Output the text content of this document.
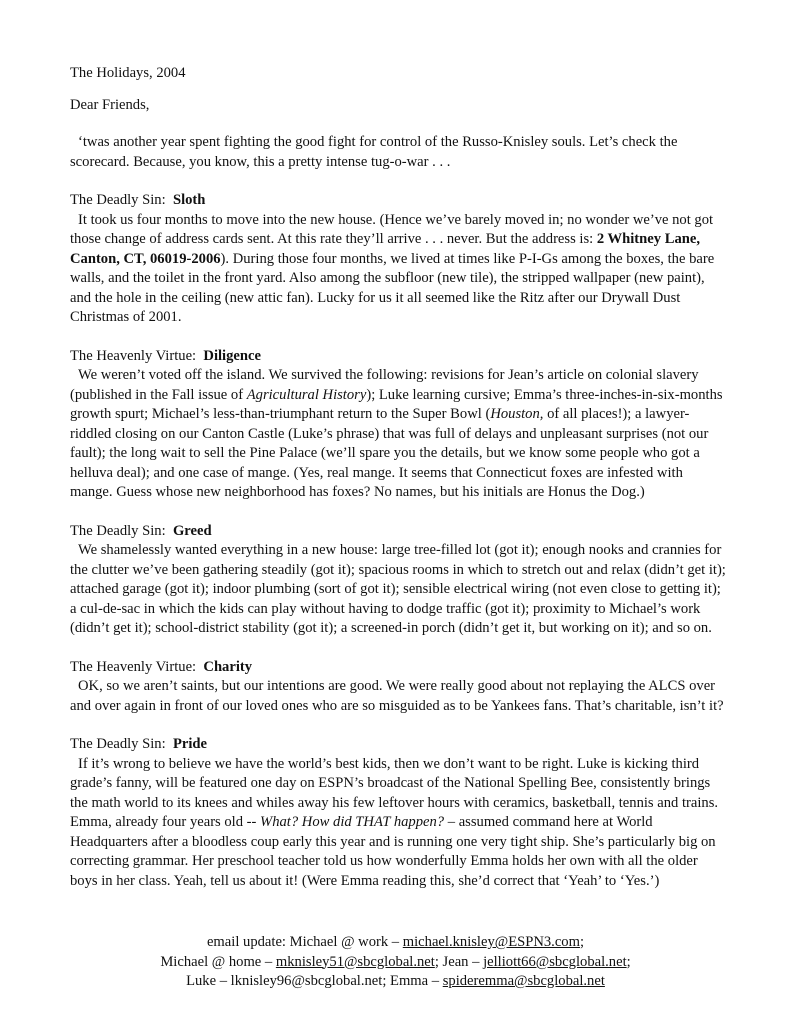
The Holidays, 2004

Dear Friends,

‘twas another year spent fighting the good fight for control of the Russo-Knisley souls. Let’s check the scorecard. Because, you know, this a pretty intense tug-o-war . . .

The Deadly Sin: Sloth

It took us four months to move into the new house. (Hence we’ve barely moved in; no wonder we’ve not got those change of address cards sent. At this rate they’ll arrive . . . never. But the address is: 2 Whitney Lane, Canton, CT, 06019-2006). During those four months, we lived at times like P-I-Gs among the boxes, the bare walls, and the toilet in the front yard. Also among the subfloor (new tile), the stripped wallpaper (new paint), and the hole in the ceiling (new attic fan). Lucky for us it all seemed like the Ritz after our Drywall Dust Christmas of 2001.

The Heavenly Virtue: Diligence

We weren’t voted off the island. We survived the following: revisions for Jean’s article on colonial slavery (published in the Fall issue of Agricultural History); Luke learning cursive; Emma’s three-inches-in-six-months growth spurt; Michael’s less-than-triumphant return to the Super Bowl (Houston, of all places!); a lawyer-riddled closing on our Canton Castle (Luke’s phrase) that was full of delays and unpleasant surprises (not our fault); the long wait to sell the Pine Palace (we’ll spare you the details, but we know some people who got a helluva deal); and one case of mange. (Yes, real mange. It seems that Connecticut foxes are infested with mange. Guess whose new neighborhood has foxes? No names, but his initials are Honus the Dog.)

The Deadly Sin: Greed

We shamelessly wanted everything in a new house: large tree-filled lot (got it); enough nooks and crannies for the clutter we’ve been gathering steadily (got it); spacious rooms in which to stretch out and relax (didn’t get it); attached garage (got it); indoor plumbing (sort of got it); sensible electrical wiring (not even close to getting it); a cul-de-sac in which the kids can play without having to dodge traffic (got it); proximity to Michael’s work (didn’t get it); school-district stability (got it); a screened-in porch (didn’t get it, but working on it); and so on.

The Heavenly Virtue: Charity

OK, so we aren’t saints, but our intentions are good. We were really good about not replaying the ALCS over and over again in front of our loved ones who are so misguided as to be Yankees fans. That’s charitable, isn’t it?

The Deadly Sin: Pride

If it’s wrong to believe we have the world’s best kids, then we don’t want to be right. Luke is kicking third grade’s fanny, will be featured one day on ESPN’s broadcast of the National Spelling Bee, consistently brings the math world to its knees and whiles away his few leftover hours with ceramics, basketball, tennis and trains. Emma, already four years old -- What? How did THAT happen? – assumed command here at World Headquarters after a bloodless coup early this year and is running one very tight ship. She’s particularly big on correcting grammar. Her preschool teacher told us how wonderfully Emma holds her own with all the older boys in her class. Yeah, tell us about it! (Were Emma reading this, she’d correct that ‘Yeah’ to ‘Yes.’)

email update: Michael @ work – michael.knisley@ESPN3.com;
Michael @ home – mknisley51@sbcglobal.net; Jean – jelliott66@sbcglobal.net;
Luke – lknisley96@sbcglobal.net; Emma – spideremma@sbcglobal.net
